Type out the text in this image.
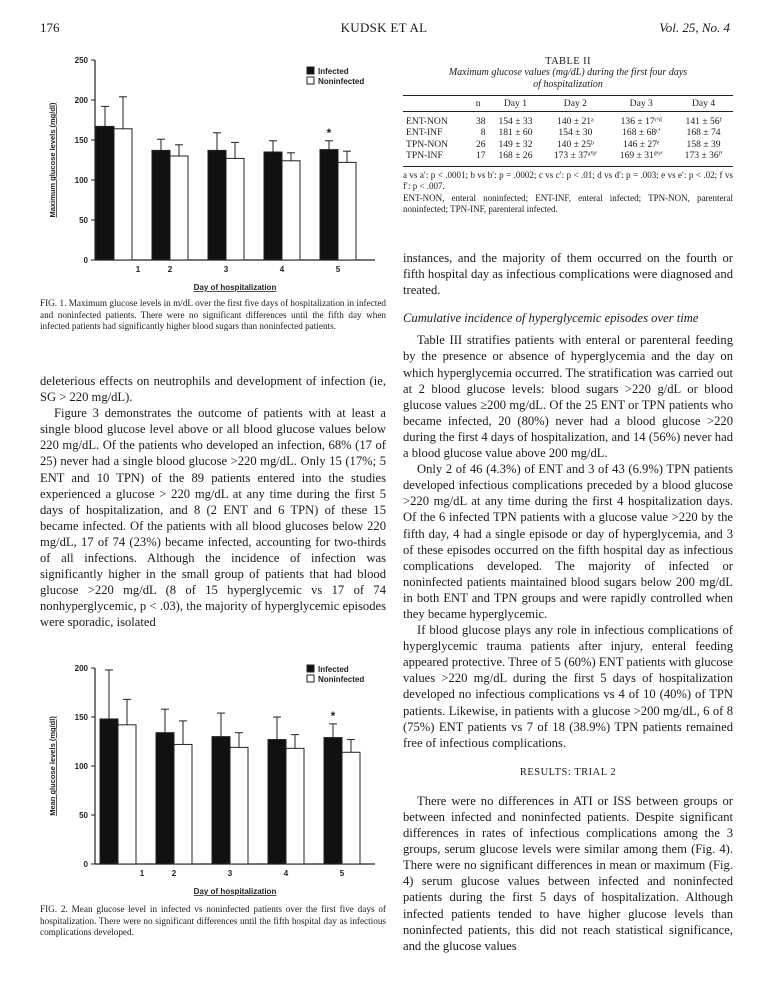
176	KUDSK ET AL	Vol. 25, No. 4
0
50
100
150
200
250
Maximum glucose levels (mg/dl)
1	2	3	4
*
5
Day of hospitalization
Infected
Noninfected
FIG. 1. Maximum glucose levels in m/dL over the first five days of hospitalization in infected and noninfected patients. There were no significant differences until the fifth day when infected patients had significantly higher blood sugars than noninfected patients.

deleterious effects on neutrophils and development of infection (ie, SG > 220 mg/dL).

Figure 3 demonstrates the outcome of patients with at least a single blood glucose level above or all blood glucose values below 220 mg/dL. Of the patients who developed an infection, 68% (17 of 25) never had a single blood glucose >220 mg/dL. Only 15 (17%; 5 ENT and 10 TPN) of the 89 patients entered into the studies experienced a glucose > 220 mg/dL at any time during the first 5 days of hospitalization, and 8 (2 ENT and 6 TPN) of these 15 became infected. Of the patients with all blood glucoses below 220 mg/dL, 17 of 74 (23%) became infected, accounting for two-thirds of all infections. Although the incidence of infection was significantly higher in the small group of patients that had blood glucose >220 mg/dL (8 of 15 hyperglycemic vs 17 of 74 nonhyperglycemic, p < .03), the majority of hyperglycemic episodes were sporadic, isolated

0
50
100
150
200
Mean glucose levels (mg/dl)
1	2	3	4
*
5
Day of hospitalization
Infected
Noninfected
FIG. 2. Mean glucose level in infected vs noninfected patients over the first five days of hospitalization. There were no significant differences until the fifth hospital day as infectious complications developed.
TABLE II
Maximum glucose values (mg/dL) during the first four days
of hospitalization
	n	Day 1	Day 2	Day 3	Day 4

ENT-NON	38	154 ± 33	140 ± 21ᵃ	136 ± 17ᶜ'ᵈ	141 ± 56ᶠ
ENT-INF	8	181 ± 60	154 ± 30	168 ± 68ᶜ'	168 ± 74
TPN-NON	26	149 ± 32	140 ± 25ᵇ	146 ± 27ᵉ	158 ± 39
TPN-INF	17	168 ± 26	173 ± 37ᵃ'ᵇ'	169 ± 31ᵈ'ᵉ'	173 ± 36ᶠ'
a vs a′: p < .0001; b vs b′: p = .0002; c vs c′: p < .01; d vs d′: p = .003; e vs e′: p < .02; f vs f′: p < .007.
ENT-NON, enteral noninfected; ENT-INF, enteral infected; TPN-NON, parenteral noninfected; TPN-INF, parenteral infected.

instances, and the majority of them occurred on the fourth or fifth hospital day as infectious complications were diagnosed and treated.

Cumulative incidence of hyperglycemic episodes over time

Table III stratifies patients with enteral or parenteral feeding by the presence or absence of hyperglycemia and the day on which hyperglycemia occurred. The stratification was carried out at 2 blood glucose levels: blood sugars >220 g/dL or blood glucose values ≥200 mg/dL. Of the 25 ENT or TPN patients who became infected, 20 (80%) never had a blood glucose >220 during the first 4 days of hospitalization, and 14 (56%) never had a blood glucose value above 200 mg/dL.

Only 2 of 46 (4.3%) of ENT and 3 of 43 (6.9%) TPN patients developed infectious complications preceded by a blood glucose >220 mg/dL at any time during the first 4 hospitalization days. Of the 6 infected TPN patients with a glucose value >220 by the fifth day, 4 had a single episode or day of hyperglycemia, and 3 of these episodes occurred on the fifth hospital day as infectious complications developed. The majority of infected or noninfected patients maintained blood sugars below 200 mg/dL in both ENT and TPN groups and were rapidly controlled when they became hyperglycemic.

If blood glucose plays any role in infectious complications of hyperglycemic trauma patients after injury, enteral feeding appeared protective. Three of 5 (60%) ENT patients with glucose values >220 mg/dL during the first 5 days of hospitalization developed no infectious complications vs 4 of 10 (40%) of TPN patients. Likewise, in patients with a glucose >200 mg/dL, 6 of 8 (75%) ENT patients vs 7 of 18 (38.9%) TPN patients remained free of infectious complications.

RESULTS: TRIAL 2

There were no differences in ATI or ISS between groups or between infected and noninfected patients. Despite significant differences in rates of infectious complications among the 3 groups, serum glucose levels were similar among them (Fig. 4). There were no significant differences in mean or maximum (Fig. 4) serum glucose values between infected and noninfected patients during the first 5 days of hospitalization. Although infected patients tended to have higher glucose levels than noninfected patients, this did not reach statistical significance, and the glucose values
